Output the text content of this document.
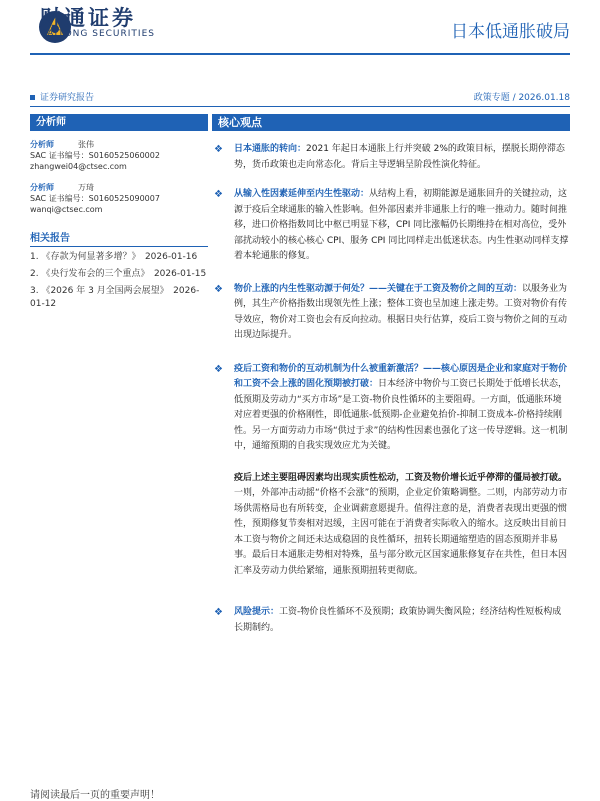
财通证券
CAITONG SECURITIES	日本低通胀破局
证券研究报告	政策专题 / 2026.01.18
分析师
分析师	张伟
SAC 证书编号：S0160525060002
zhangwei04@ctsec.com
分析师	万琦
SAC 证书编号：S0160525090007
wanqi@ctsec.com
相关报告
1. 《存款为何显著多增？》　2026-01-16
2. 《央行发布会的三个重点》　2026-01-15
3. 《2026 年 3 月全国两会展望》　2026-01-12
核心观点
❖ 日本通胀的转向：2021 年起日本通胀上行并突破 2%的政策目标，摆脱长期停滞态势，货币政策也走向常态化。背后主导逻辑呈阶段性演化特征。
❖ 从输入性因素延伸至内生性驱动：从结构上看，初期能源是通胀回升的关键拉动，这源于疫后全球通胀的输入性影响。但外部因素并非通胀上行的唯一推动力。随时间推移，进口价格指数同比中枢已明显下移，CPI 同比涨幅仍长期维持在相对高位，受外部扰动较小的核心核心 CPI、服务 CPI 同比同样走出低迷状态。内生性驱动同样支撑着本轮通胀的修复。
❖ 物价上涨的内生性驱动源于何处？——关键在于工资及物价之间的互动：以服务业为例，其生产价格指数出现领先性上涨；整体工资也呈加速上涨走势。工资对物价有传导效应，物价对工资也会有反向拉动。根据日央行估算，疫后工资与物价之间的互动出现边际提升。
❖ 疫后工资和物价的互动机制为什么被重新激活？——核心原因是企业和家庭对于物价和工资不会上涨的固化预期被打破：日本经济中物价与工资已长期处于低增长状态，低预期及劳动力“买方市场”是工资-物价良性循环的主要阻碍。一方面，低通胀环境对应着更强的价格刚性，即低通胀-低预期-企业避免抬价-抑制工资成本-价格持续刚性。另一方面劳动力市场“供过于求”的结构性因素也强化了这一传导逻辑。这一机制中，通缩预期的自我实现效应尤为关键。
疫后上述主要阻碍因素均出现实质性松动，工资及物价增长近乎停滞的僵局被打破。一则，外部冲击动摇“价格不会涨”的预期，企业定价策略调整。二则，内部劳动力市场供需格局也有所转变，企业调薪意愿提升。值得注意的是，消费者表现出更强的惯性，预期修复节奏相对迟缓，主因可能在于消费者实际收入的缩水。这反映出目前日本工资与物价之间还未达成稳固的良性循环，扭转长期通缩塑造的固态预期并非易事。最后日本通胀走势相对特殊，虽与部分欧元区国家通胀修复存在共性，但日本因汇率及劳动力供给紧缩，通胀预期扭转更彻底。
❖ 风险提示：工资-物价良性循环不及预期；政策协调失衡风险；经济结构性短板构成长期制约。
请阅读最后一页的重要声明！
